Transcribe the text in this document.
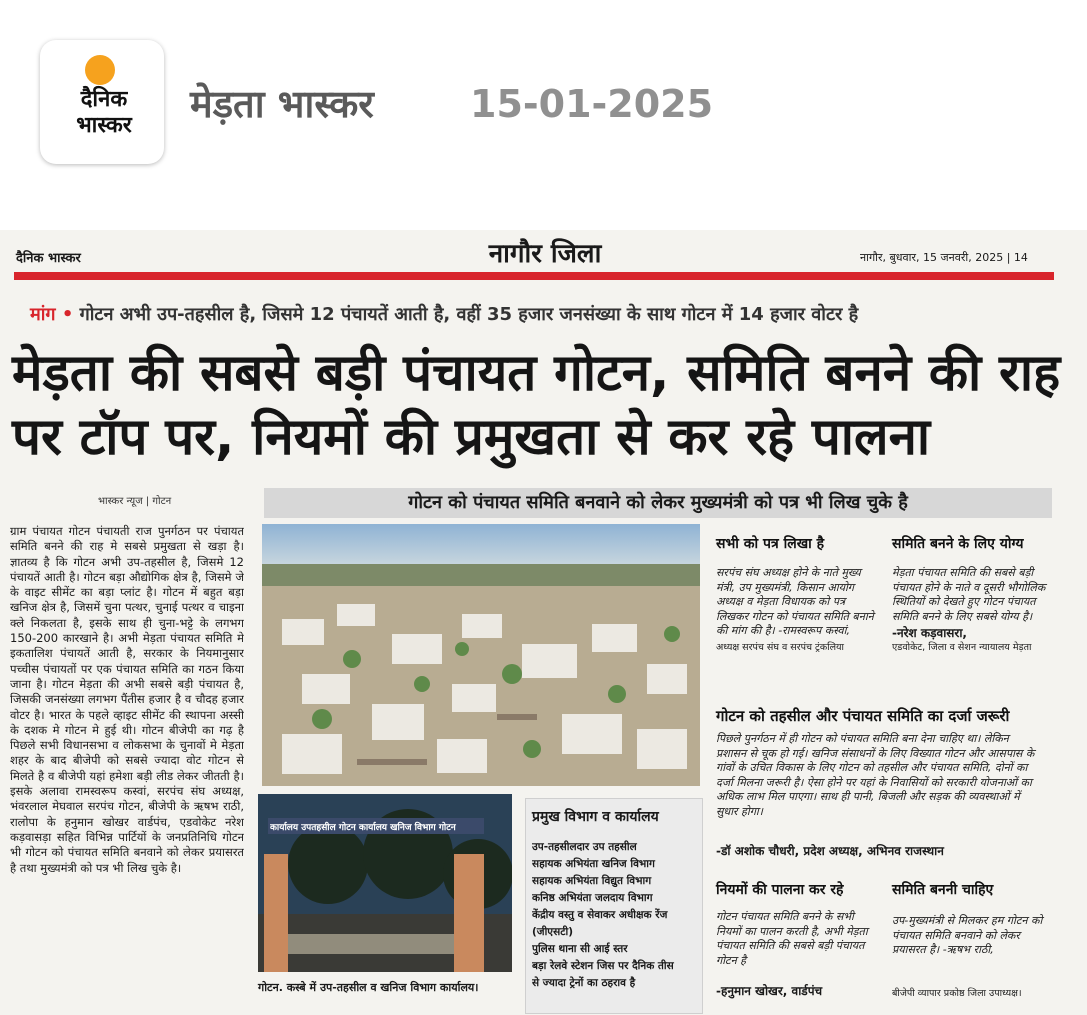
दैनिक
भास्कर	मेड़ता भास्कर	15-01-2025
दैनिक भास्कर	नागौर जिला	नागौर, बुधवार, 15 जनवरी, 2025 | 14
मांग • गोटन अभी उप-तहसील है, जिसमे 12 पंचायतें आती है, वहीं 35 हजार जनसंख्या के साथ गोटन में 14 हजार वोटर है
मेड़ता की सबसे बड़ी पंचायत गोटन, समिति बनने की राह पर टॉप पर, नियमों की प्रमुखता से कर रहे पालना
भास्कर न्यूज | गोटन	गोटन को पंचायत समिति बनवाने को लेकर मुख्यमंत्री को पत्र भी लिख चुके है
ग्राम पंचायत गोटन पंचायती राज पुनर्गठन पर पंचायत समिति बनने की राह मे सबसे प्रमुखता से खड़ा है। ज्ञातव्य है कि गोटन अभी उप-तहसील है, जिसमे 12 पंचायतें आती है। गोटन बड़ा औद्योगिक क्षेत्र है, जिसमे जे के वाइट सीमेंट का बड़ा प्लांट है। गोटन में बहुत बड़ा खनिज क्षेत्र है, जिसमें चुना पत्थर, चुनाई पत्थर व चाइना क्ले निकलता है, इसके साथ ही चुना-भट्टे के लगभग 150-200 कारखाने है। अभी मेड़ता पंचायत समिति मे इकतालिश पंचायतें आती है, सरकार के नियमानुसार पच्चीस पंचायतों पर एक पंचायत समिति का गठन किया जाना है। गोटन मेड़ता की अभी सबसे बड़ी पंचायत है, जिसकी जनसंख्या लगभग पैंतीस हजार है व चौदह हजार वोटर है। भारत के पहले व्हाइट सीमेंट की स्थापना अस्सी के दशक मे गोटन मे हुई थी। गोटन बीजेपी का गढ़ है पिछले सभी विधानसभा व लोकसभा के चुनावों मे मेड़ता शहर के बाद बीजेपी को सबसे ज्यादा वोट गोटन से मिलते है व बीजेपी यहां हमेशा बड़ी लीड लेकर जीतती है। इसके अलावा रामस्वरूप कस्वां, सरपंच संघ अध्यक्ष, भंवरलाल मेघवाल सरपंच गोटन, बीजेपी के ऋषभ राठी, रालोपा के हनुमान खोखर वार्डपंच, एडवोकेट नरेश कड़वासड़ा सहित विभिन्न पार्टियों के जनप्रतिनिधि गोटन भी गोटन को पंचायत समिति बनवाने को लेकर प्रयासरत है तथा मुख्यमंत्री को पत्र भी लिख चुके है।
कार्यालय उपतहसील गोटन कार्यालय खनिज विभाग गोटन
गोटन. कस्बे में उप-तहसील व खनिज विभाग कार्यालय।
प्रमुख विभाग व कार्यालय
उप-तहसीलदार उप तहसील
सहायक अभियंता खनिज विभाग
सहायक अभियंता विद्युत विभाग
कनिष्ठ अभियंता जलदाय विभाग
केंद्रीय वस्तु व सेवाकर अधीक्षक रेंज
(जीएसटी)
पुलिस थाना सी आई स्तर
बड़ा रेलवे स्टेशन जिस पर दैनिक तीस
से ज्यादा ट्रेनों का ठहराव है
सभी को पत्र लिखा है
सरपंच संघ अध्यक्ष होने के नाते मुख्य मंत्री, उप मुख्यमंत्री, किसान आयोग अध्यक्ष व मेड़ता विधायक को पत्र लिखकर गोटन को पंचायत समिति बनाने की मांग की है। -रामस्वरूप कस्वां,
अध्यक्ष सरपंच संघ व सरपंच ट्रंकलिया
समिति बनने के लिए योग्य
मेड़ता पंचायत समिति की सबसे बड़ी पंचायत होने के नाते व दूसरी भौगोलिक स्थितियों को देखते हुए गोटन पंचायत समिति बनने के लिए सबसे योग्य है।
-नरेश कड़वासरा,
एडवोकेट, जिला व सेशन न्यायालय मेड़ता
गोटन को तहसील और पंचायत समिति का दर्जा जरूरी
पिछले पुनर्गठन में ही गोटन को पंचायत समिति बना देना चाहिए था। लेकिन प्रशासन से चूक हो गई। खनिज संसाधनों के लिए विख्यात गोटन और आसपास के गांवों के उचित विकास के लिए गोटन को तहसील और पंचायत समिति, दोनों का दर्जा मिलना जरूरी है। ऐसा होने पर यहां के निवासियों को सरकारी योजनाओं का अधिक लाभ मिल पाएगा। साथ ही पानी, बिजली और सड़क की व्यवस्थाओं में सुधार होगा।
-डॉ अशोक चौधरी, प्रदेश अध्यक्ष, अभिनव राजस्थान
नियमों की पालना कर रहे
गोटन पंचायत समिति बनने के सभी नियमों का पालन करती है, अभी मेड़ता पंचायत समिति की सबसे बड़ी पंचायत गोटन है
-हनुमान खोखर, वार्डपंच
समिति बननी चाहिए
उप-मुख्यमंत्री से मिलकर हम गोटन को पंचायत समिति बनवाने को लेकर प्रयासरत है। -ऋषभ राठी,
बीजेपी व्यापार प्रकोष्ठ जिला उपाध्यक्ष।
